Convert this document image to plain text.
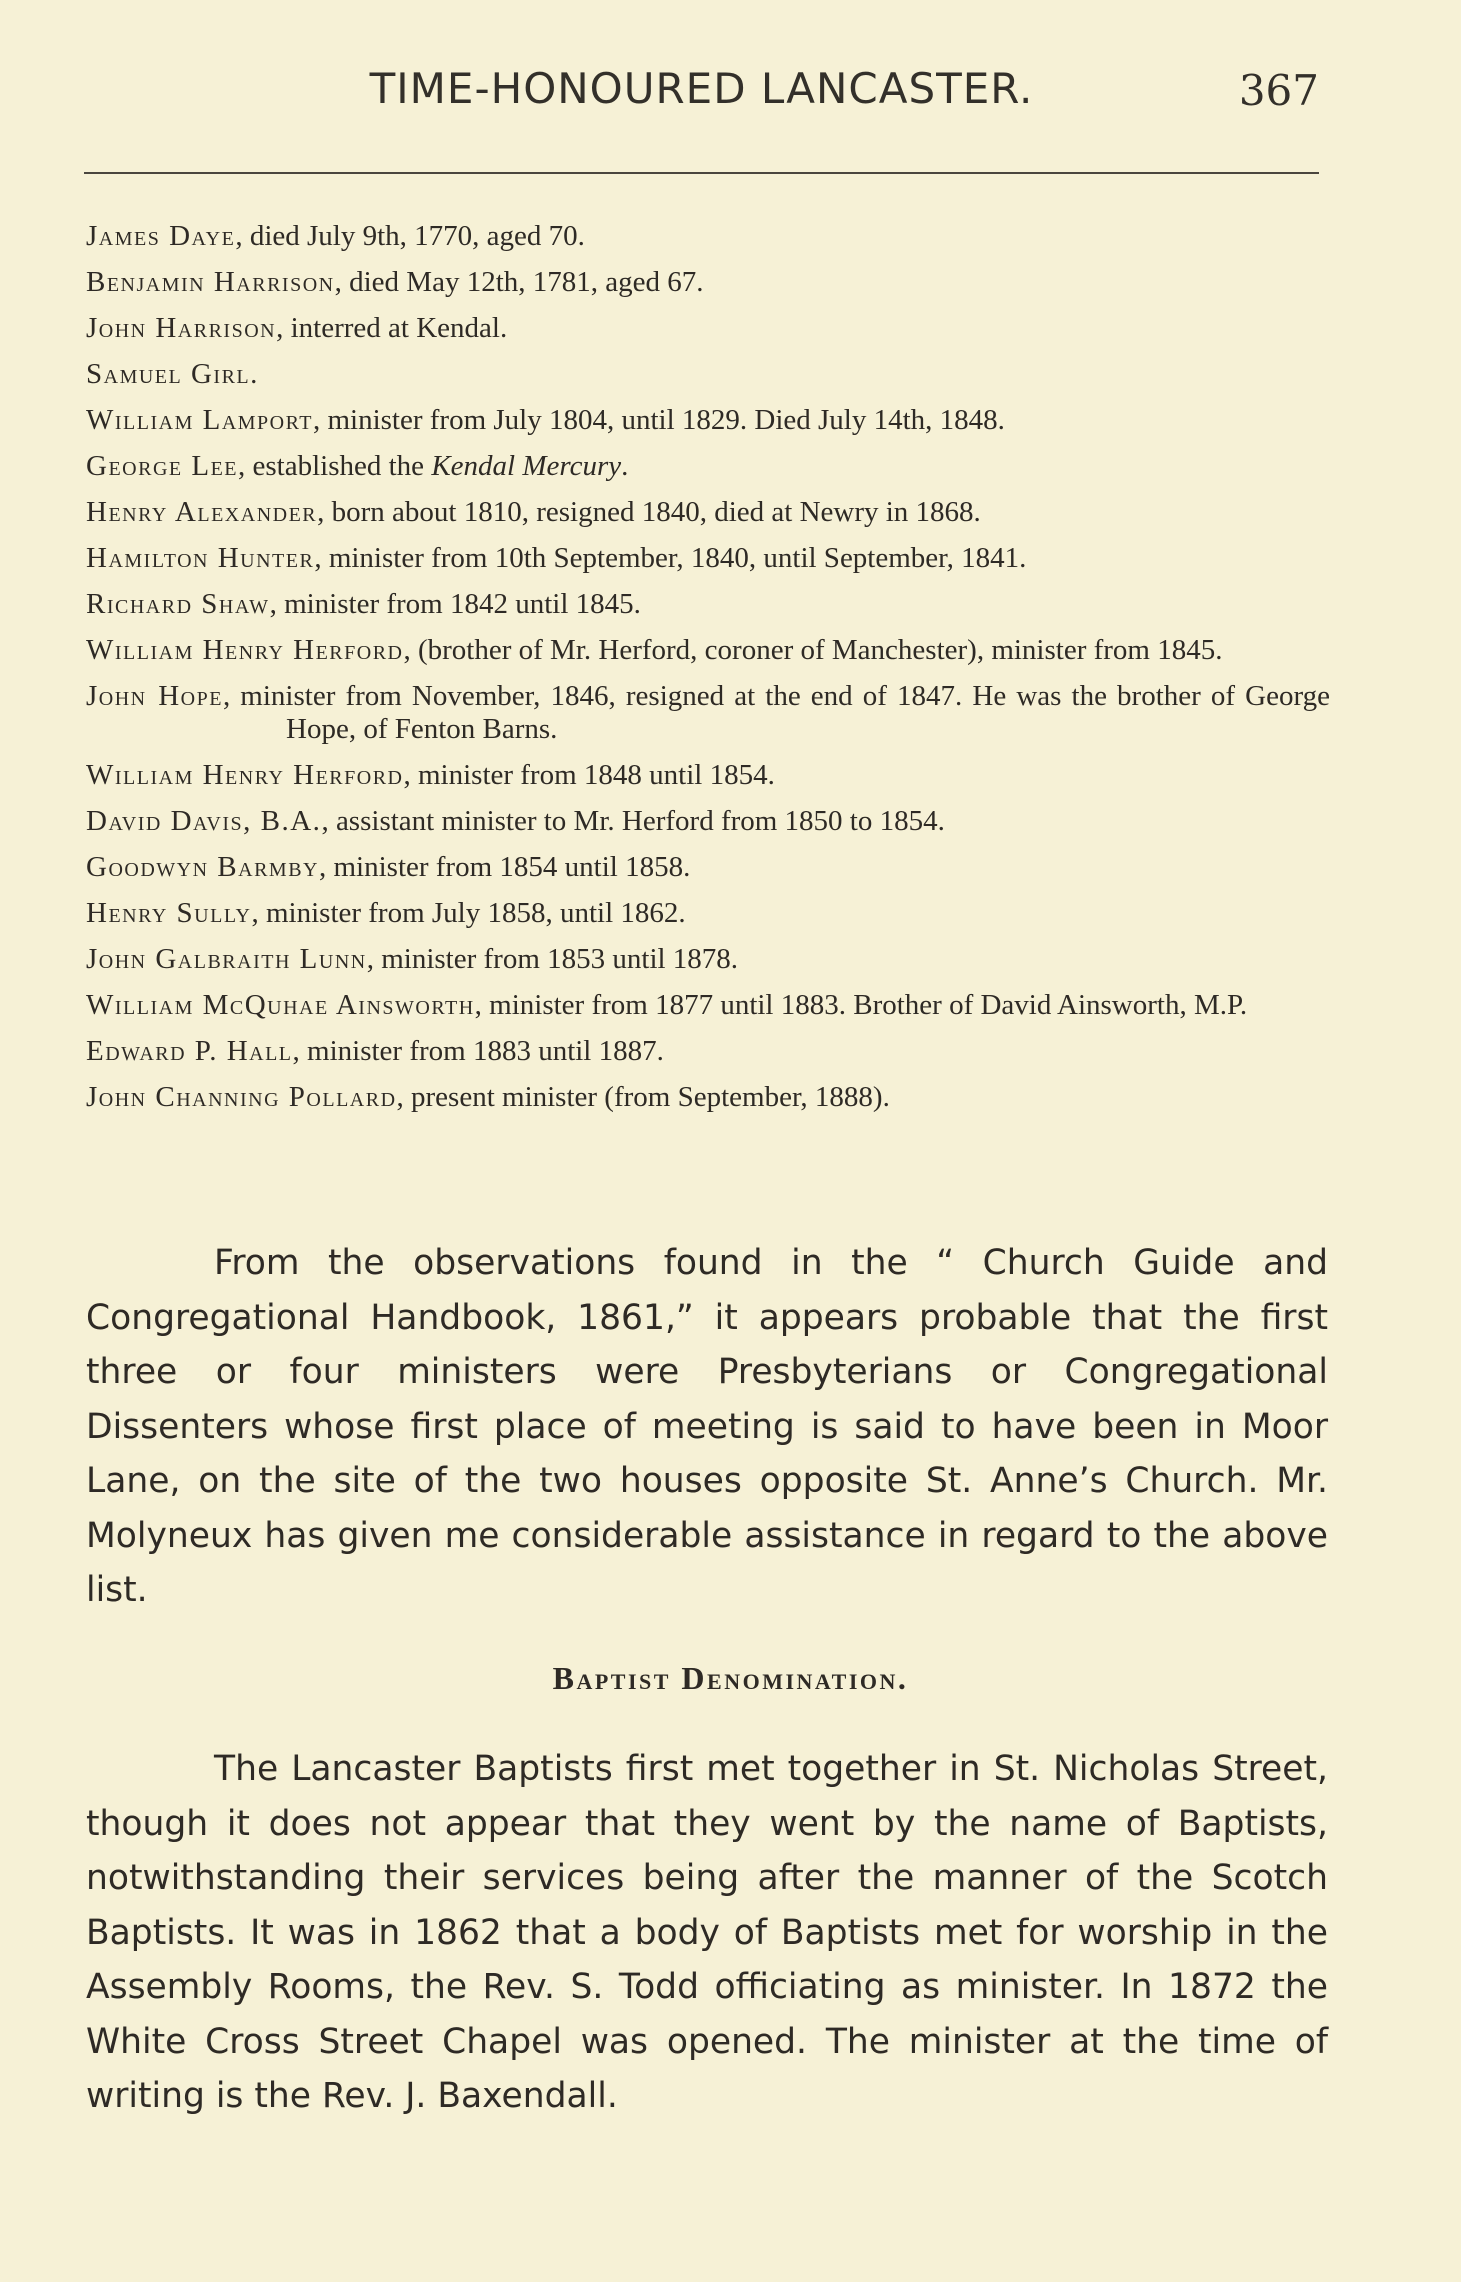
TIME-HONOURED LANCASTER.	367

James Daye, died July 9th, 1770, aged 70.

Benjamin Harrison, died May 12th, 1781, aged 67.

John Harrison, interred at Kendal.

Samuel Girl.

William Lamport, minister from July 1804, until 1829. Died July 14th, 1848.

George Lee, established the Kendal Mercury.

Henry Alexander, born about 1810, resigned 1840, died at Newry in 1868.

Hamilton Hunter, minister from 10th September, 1840, until September, 1841.

Richard Shaw, minister from 1842 until 1845.

William Henry Herford, (brother of Mr. Herford, coroner of Manchester), minister from 1845.

John Hope, minister from November, 1846, resigned at the end of 1847. He was the brother of George Hope, of Fenton Barns.

William Henry Herford, minister from 1848 until 1854.

David Davis, B.A., assistant minister to Mr. Herford from 1850 to 1854.

Goodwyn Barmby, minister from 1854 until 1858.

Henry Sully, minister from July 1858, until 1862.

John Galbraith Lunn, minister from 1853 until 1878.

William McQuhae Ainsworth, minister from 1877 until 1883. Brother of David Ainsworth, M.P.

Edward P. Hall, minister from 1883 until 1887.

John Channing Pollard, present minister (from September, 1888).

From the observations found in the “ Church Guide and Congregational Handbook, 1861,” it appears probable that the first three or four ministers were Presbyterians or Congregational Dissenters whose first place of meeting is said to have been in Moor Lane, on the site of the two houses opposite St. Anne’s Church. Mr. Molyneux has given me considerable assistance in regard to the above list.

Baptist Denomination.

The Lancaster Baptists first met together in St. Nicholas Street, though it does not appear that they went by the name of Baptists, notwithstanding their services being after the manner of the Scotch Baptists. It was in 1862 that a body of Baptists met for worship in the Assembly Rooms, the Rev. S. Todd officiating as minister. In 1872 the White Cross Street Chapel was opened. The minister at the time of writing is the Rev. J. Baxendall.
